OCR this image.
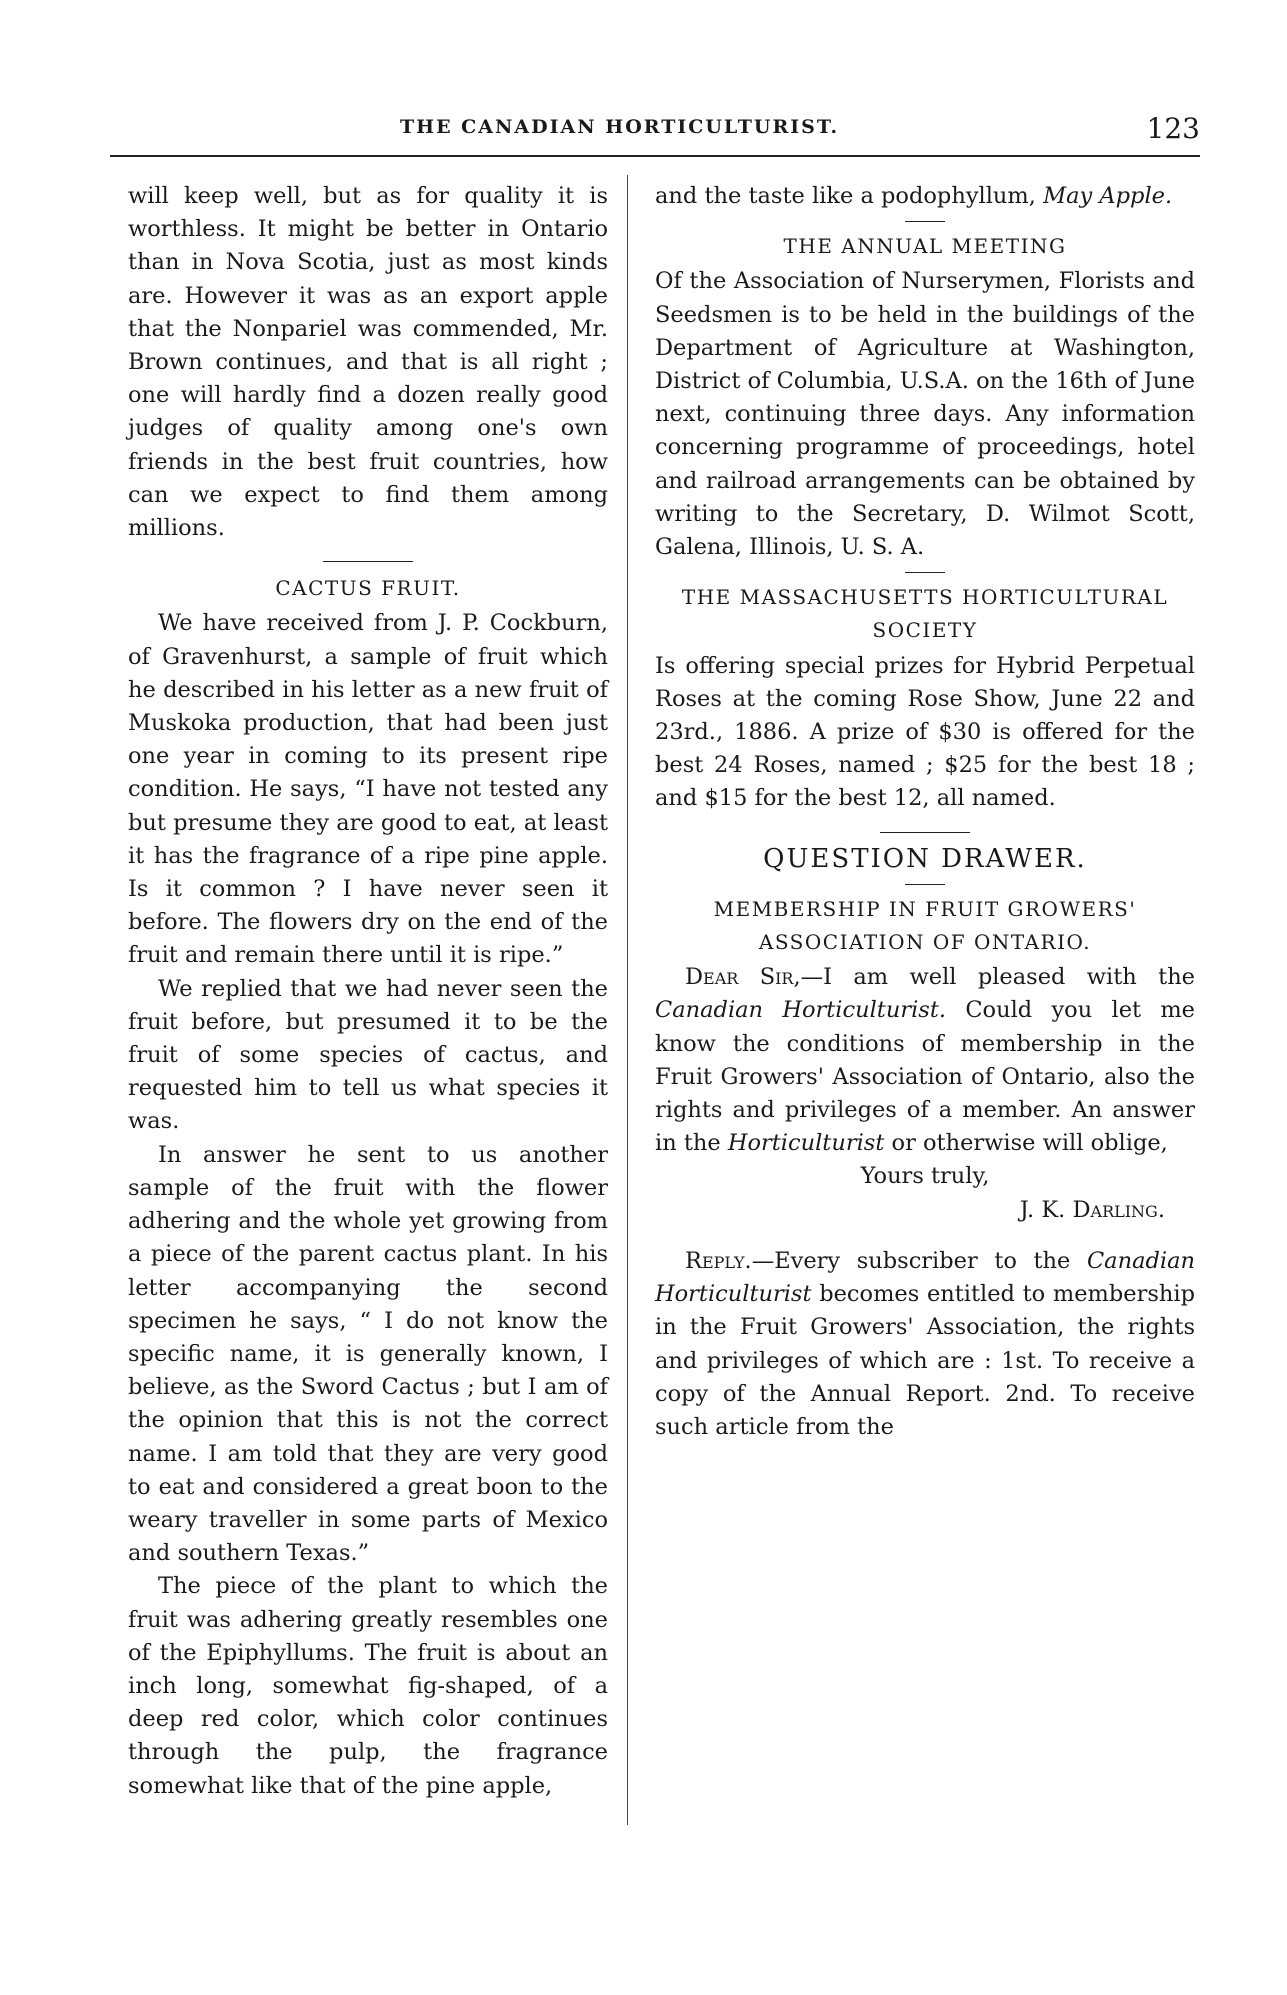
THE CANADIAN HORTICULTURIST.	123

will keep well, but as for quality it is worthless. It might be better in Ontario than in Nova Scotia, just as most kinds are. However it was as an export apple that the Nonpariel was commended, Mr. Brown continues, and that is all right ; one will hardly find a dozen really good judges of quality among one's own friends in the best fruit countries, how can we expect to find them among millions.

CACTUS FRUIT.

We have received from J. P. Cockburn, of Gravenhurst, a sample of fruit which he described in his letter as a new fruit of Muskoka production, that had been just one year in coming to its present ripe condition. He says, “I have not tested any but presume they are good to eat, at least it has the fragrance of a ripe pine apple. Is it common ? I have never seen it before. The flowers dry on the end of the fruit and remain there until it is ripe.”

We replied that we had never seen the fruit before, but presumed it to be the fruit of some species of cactus, and requested him to tell us what species it was.

In answer he sent to us another sample of the fruit with the flower adhering and the whole yet growing from a piece of the parent cactus plant. In his letter accompanying the second specimen he says, “ I do not know the specific name, it is generally known, I believe, as the Sword Cactus ; but I am of the opinion that this is not the correct name. I am told that they are very good to eat and considered a great boon to the weary traveller in some parts of Mexico and southern Texas.”

The piece of the plant to which the fruit was adhering greatly resembles one of the Epiphyllums. The fruit is about an inch long, somewhat fig-shaped, of a deep red color, which color continues through the pulp, the fragrance somewhat like that of the pine apple,

and the taste like a podophyllum, May Apple.

THE ANNUAL MEETING

Of the Association of Nurserymen, Florists and Seedsmen is to be held in the buildings of the Department of Agriculture at Washington, District of Columbia, U.S.A. on the 16th of June next, continuing three days. Any information concerning programme of proceedings, hotel and railroad arrangements can be obtained by writing to the Secretary, D. Wilmot Scott, Galena, Illinois, U. S. A.

THE MASSACHUSETTS HORTICULTURAL SOCIETY

Is offering special prizes for Hybrid Perpetual Roses at the coming Rose Show, June 22 and 23rd., 1886. A prize of $30 is offered for the best 24 Roses, named ; $25 for the best 18 ; and $15 for the best 12, all named.

QUESTION DRAWER.
MEMBERSHIP IN FRUIT GROWERS' ASSOCIATION OF ONTARIO.

Dear Sir,—I am well pleased with the Canadian Horticulturist. Could you let me know the conditions of membership in the Fruit Growers' Association of Ontario, also the rights and privileges of a member. An answer in the Horticulturist or otherwise will oblige,

Yours truly,
J. K. Darling.

Reply.—Every subscriber to the Canadian Horticulturist becomes entitled to membership in the Fruit Growers' Association, the rights and privileges of which are : 1st. To receive a copy of the Annual Report. 2nd. To receive such article from the
